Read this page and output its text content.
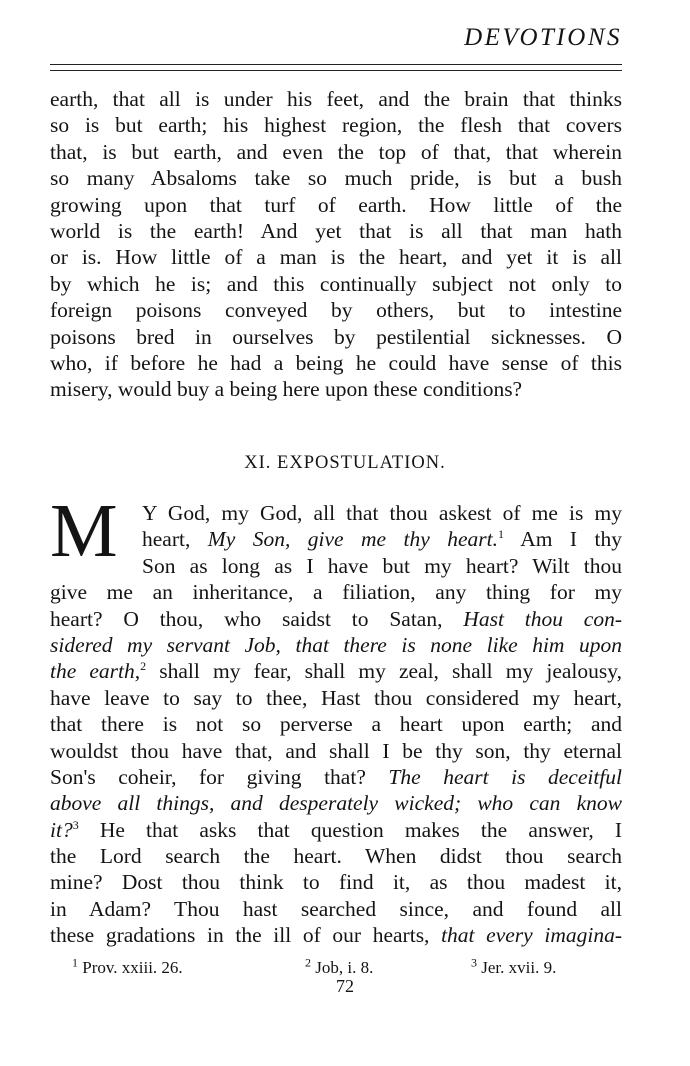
DEVOTIONS
earth, that all is under his feet, and the brain that thinks
so is but earth; his highest region, the flesh that covers
that, is but earth, and even the top of that, that wherein
so many Absaloms take so much pride, is but a bush
growing upon that turf of earth. How little of the
world is the earth! And yet that is all that man hath
or is. How little of a man is the heart, and yet it is all
by which he is; and this continually subject not only to
foreign poisons conveyed by others, but to intestine
poisons bred in ourselves by pestilential sicknesses. O
who, if before he had a being he could have sense of this
misery, would buy a being here upon these conditions?
XI. EXPOSTULATION.
M	Y God, my God, all that thou askest of me is my
heart, My Son, give me thy heart.$^1$ Am I thy
Son as long as I have but my heart? Wilt thou
give me an inheritance, a filiation, any thing for my
heart? O thou, who saidst to Satan, Hast thou con-
sidered my servant Job, that there is none like him upon
the earth,$^2$ shall my fear, shall my zeal, shall my jealousy,
have leave to say to thee, Hast thou considered my heart,
that there is not so perverse a heart upon earth; and
wouldst thou have that, and shall I be thy son, thy eternal
Son's coheir, for giving that? The heart is deceitful
above all things, and desperately wicked; who can know
it?$^3$ He that asks that question makes the answer, I
the Lord search the heart. When didst thou search
mine? Dost thou think to find it, as thou madest it,
in Adam? Thou hast searched since, and found all
these gradations in the ill of our hearts, that every imagina-
$^1$ Prov. xxiii. 26.	$^2$ Job, i. 8.	$^3$ Jer. xvii. 9.
72
